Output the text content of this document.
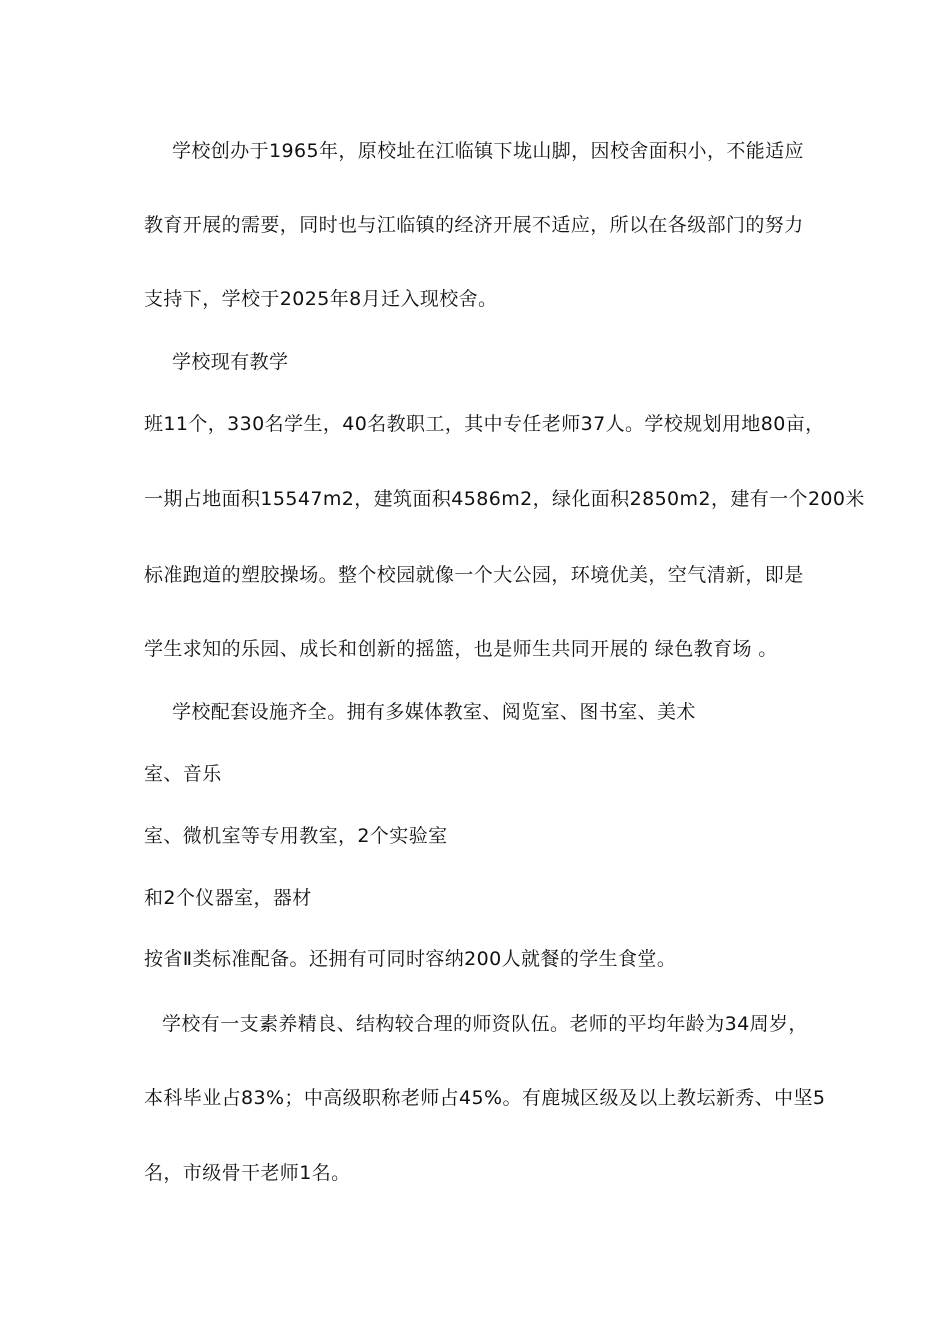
学校创办于1965年，原校址在江临镇下垅山脚，因校舍面积小，不能适应
教育开展的需要，同时也与江临镇的经济开展不适应，所以在各级部门的努力
支持下，学校于2025年8月迁入现校舍。
学校现有教学
班11个，330名学生，40名教职工，其中专任老师37人。学校规划用地80亩，
一期占地面积15547m2，建筑面积4586m2，绿化面积2850m2，建有一个200米
标准跑道的塑胶操场。整个校园就像一个大公园，环境优美，空气清新，即是
学生求知的乐园、成长和创新的摇篮，也是师生共同开展的 绿色教育场 。
学校配套设施齐全。拥有多媒体教室、阅览室、图书室、美术
室、音乐
室、微机室等专用教室，2个实验室
和2个仪器室，器材
按省Ⅱ类标准配备。还拥有可同时容纳200人就餐的学生食堂。
学校有一支素养精良、结构较合理的师资队伍。老师的平均年龄为34周岁，
本科毕业占83%；中高级职称老师占45%。有鹿城区级及以上教坛新秀、中坚5
名，市级骨干老师1名。
